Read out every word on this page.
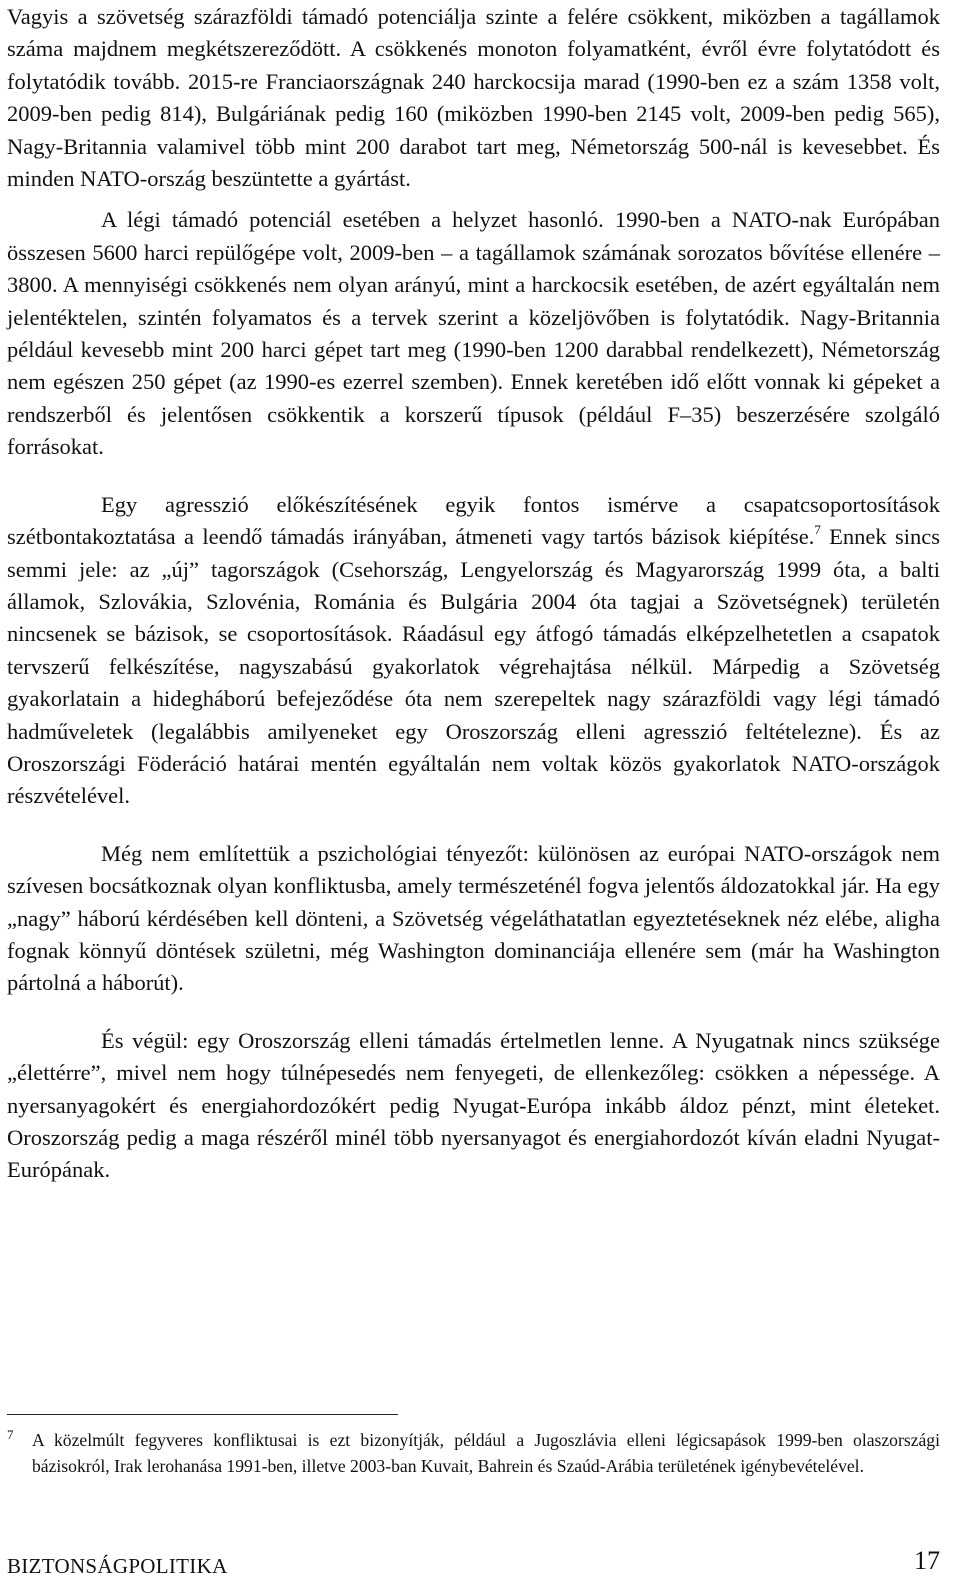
Vagyis a szövetség szárazföldi támadó potenciálja szinte a felére csökkent, miközben a tagállamok száma majdnem megkétszereződött. A csökkenés monoton folyamatként, évről évre folytatódott és folytatódik tovább. 2015-re Franciaországnak 240 harckocsija marad (1990-ben ez a szám 1358 volt, 2009-ben pedig 814), Bulgáriának pedig 160 (miközben 1990-ben 2145 volt, 2009-ben pedig 565), Nagy-Britannia valamivel több mint 200 darabot tart meg, Németország 500-nál is kevesebbet. És minden NATO-ország beszüntette a gyártást.

A légi támadó potenciál esetében a helyzet hasonló. 1990-ben a NATO-nak Európában összesen 5600 harci repülőgépe volt, 2009-ben – a tagállamok számának sorozatos bővítése ellenére – 3800. A mennyiségi csökkenés nem olyan arányú, mint a harckocsik esetében, de azért egyáltalán nem jelentéktelen, szintén folyamatos és a tervek szerint a közeljövőben is folytatódik. Nagy-Britannia például kevesebb mint 200 harci gépet tart meg (1990-ben 1200 darabbal rendelkezett), Németország nem egészen 250 gépet (az 1990-es ezerrel szemben). Ennek keretében idő előtt vonnak ki gépeket a rendszerből és jelentősen csökkentik a korszerű típusok (például F–35) beszerzésére szolgáló forrásokat.

Egy agresszió előkészítésének egyik fontos ismérve a csapatcsoportosítások szétbontakoztatása a leendő támadás irányában, átmeneti vagy tartós bázisok kiépítése.$^7$ Ennek sincs semmi jele: az „új” tagországok (Csehország, Lengyelország és Magyarország 1999 óta, a balti államok, Szlovákia, Szlovénia, Románia és Bulgária 2004 óta tagjai a Szövetségnek) területén nincsenek se bázisok, se csoportosítások. Ráadásul egy átfogó támadás elképzelhetetlen a csapatok tervszerű felkészítése, nagyszabású gyakorlatok végrehajtása nélkül. Márpedig a Szövetség gyakorlatain a hidegháború befejeződése óta nem szerepeltek nagy szárazföldi vagy légi támadó hadműveletek (legalábbis amilyeneket egy Oroszország elleni agresszió feltételezne). És az Oroszországi Föderáció határai mentén egyáltalán nem voltak közös gyakorlatok NATO-országok részvételével.

Még nem említettük a pszichológiai tényezőt: különösen az európai NATO-országok nem szívesen bocsátkoznak olyan konfliktusba, amely természeténél fogva jelentős áldozatokkal jár. Ha egy „nagy” háború kérdésében kell dönteni, a Szövetség végeláthatatlan egyeztetéseknek néz elébe, aligha fognak könnyű döntések születni, még Washington dominanciája ellenére sem (már ha Washington pártolná a háborút).

És végül: egy Oroszország elleni támadás értelmetlen lenne. A Nyugatnak nincs szüksége „élettérre”, mivel nem hogy túlnépesedés nem fenyegeti, de ellenkezőleg: csökken a népessége. A nyersanyagokért és energiahordozókért pedig Nyugat-Európa inkább áldoz pénzt, mint életeket. Oroszország pedig a maga részéről minél több nyersanyagot és energiahordozót kíván eladni Nyugat-Európának.

7	A közelmúlt fegyveres konfliktusai is ezt bizonyítják, például a Jugoszlávia elleni légicsapások 1999-ben olaszországi bázisokról, Irak lerohanása 1991-ben, illetve 2003-ban Kuvait, Bahrein és Szaúd-Arábia területének igénybevételével.
BIZTONSÁGPOLITIKA	17
